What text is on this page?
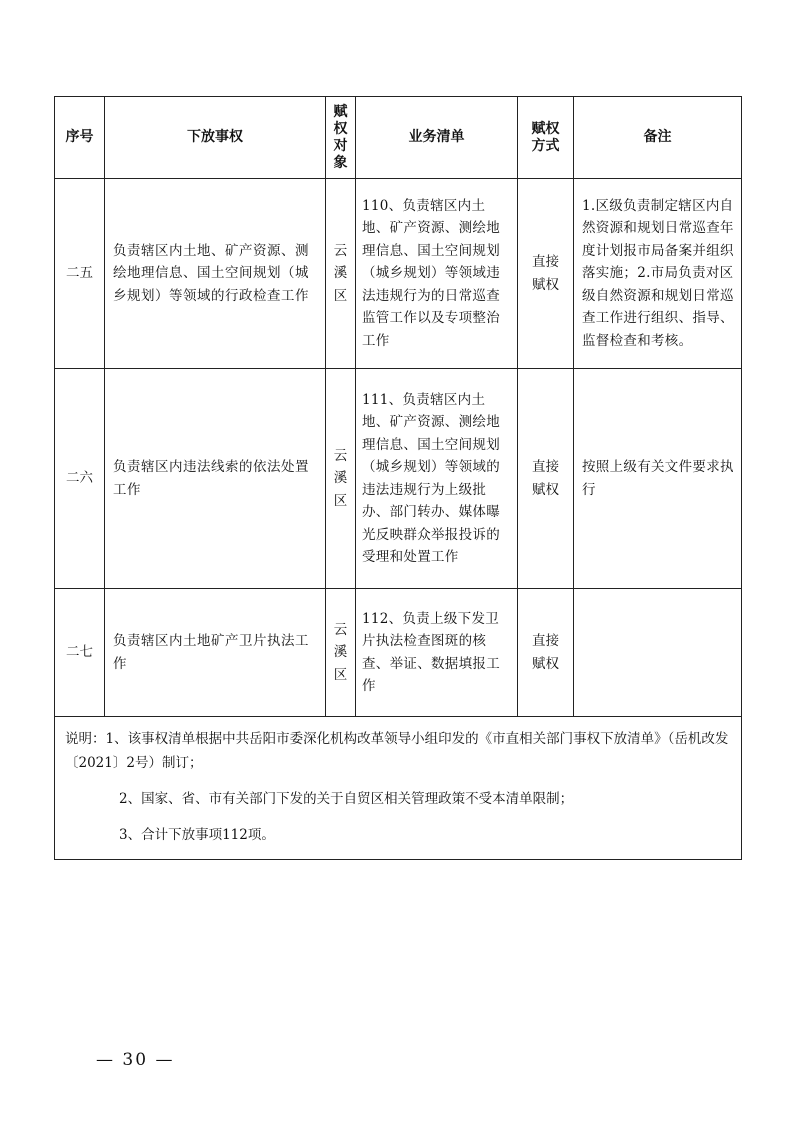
序号	下放事权	赋权对象	业务清单	赋权方式	备注
二五	负责辖区内土地、矿产资源、测绘地理信息、国土空间规划（城乡规划）等领域的行政检查工作	云溪区	110、负责辖区内土地、矿产资源、测绘地理信息、国土空间规划（城乡规划）等领域违法违规行为的日常巡查监管工作以及专项整治工作	直接赋权	1.区级负责制定辖区内自然资源和规划日常巡查年度计划报市局备案并组织落实施；2.市局负责对区级自然资源和规划日常巡查工作进行组织、指导、监督检查和考核。
二六	负责辖区内违法线索的依法处置工作	云溪区	111、负责辖区内土地、矿产资源、测绘地理信息、国土空间规划（城乡规划）等领域的违法违规行为上级批办、部门转办、媒体曝光反映群众举报投诉的受理和处置工作	直接赋权	按照上级有关文件要求执行
二七	负责辖区内土地矿产卫片执法工作	云溪区	112、负责上级下发卫片执法检查图斑的核查、举证、数据填报工作	直接赋权	

说明：1、该事权清单根据中共岳阳市委深化机构改革领导小组印发的《市直相关部门事权下放清单》（岳机改发〔2021〕2号）制订；

2、国家、省、市有关部门下发的关于自贸区相关管理政策不受本清单限制；

3、合计下放事项112项。					

— 30 —
